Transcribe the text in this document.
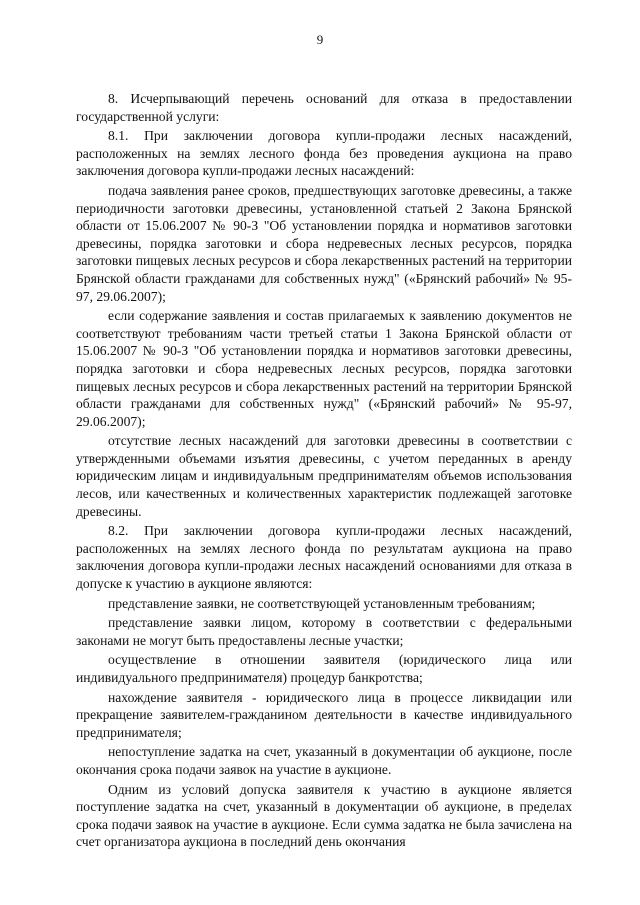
9

8. Исчерпывающий перечень оснований для отказа в предоставлении государственной услуги:

8.1. При заключении договора купли-продажи лесных насаждений, расположенных на землях лесного фонда без проведения аукциона на право заключения договора купли-продажи лесных насаждений:

подача заявления ранее сроков, предшествующих заготовке древесины, а также периодичности заготовки древесины, установленной статьей 2 Закона Брянской области от 15.06.2007 № 90-З "Об установлении порядка и нормативов заготовки древесины, порядка заготовки и сбора недревесных лесных ресурсов, порядка заготовки пищевых лесных ресурсов и сбора лекарственных растений на территории Брянской области гражданами для собственных нужд" («Брянский рабочий» № 95-97, 29.06.2007);

если содержание заявления и состав прилагаемых к заявлению документов не соответствуют требованиям части третьей статьи 1 Закона Брянской области от 15.06.2007 № 90-З "Об установлении порядка и нормативов заготовки древесины, порядка заготовки и сбора недревесных лесных ресурсов, порядка заготовки пищевых лесных ресурсов и сбора лекарственных растений на территории Брянской области гражданами для собственных нужд" («Брянский рабочий» № 95-97, 29.06.2007);

отсутствие лесных насаждений для заготовки древесины в соответствии с утвержденными объемами изъятия древесины, с учетом переданных в аренду юридическим лицам и индивидуальным предпринимателям объемов использования лесов, или качественных и количественных характеристик подлежащей заготовке древесины.

8.2. При заключении договора купли-продажи лесных насаждений, расположенных на землях лесного фонда по результатам аукциона на право заключения договора купли-продажи лесных насаждений основаниями для отказа в допуске к участию в аукционе являются:

представление заявки, не соответствующей установленным требованиям;

представление заявки лицом, которому в соответствии с федеральными законами не могут быть предоставлены лесные участки;

осуществление в отношении заявителя (юридического лица или индивидуального предпринимателя) процедур банкротства;

нахождение заявителя - юридического лица в процессе ликвидации или прекращение заявителем-гражданином деятельности в качестве индивидуального предпринимателя;

непоступление задатка на счет, указанный в документации об аукционе, после окончания срока подачи заявок на участие в аукционе.

Одним из условий допуска заявителя к участию в аукционе является поступление задатка на счет, указанный в документации об аукционе, в пределах срока подачи заявок на участие в аукционе. Если сумма задатка не была зачислена на счет организатора аукциона в последний день окончания
